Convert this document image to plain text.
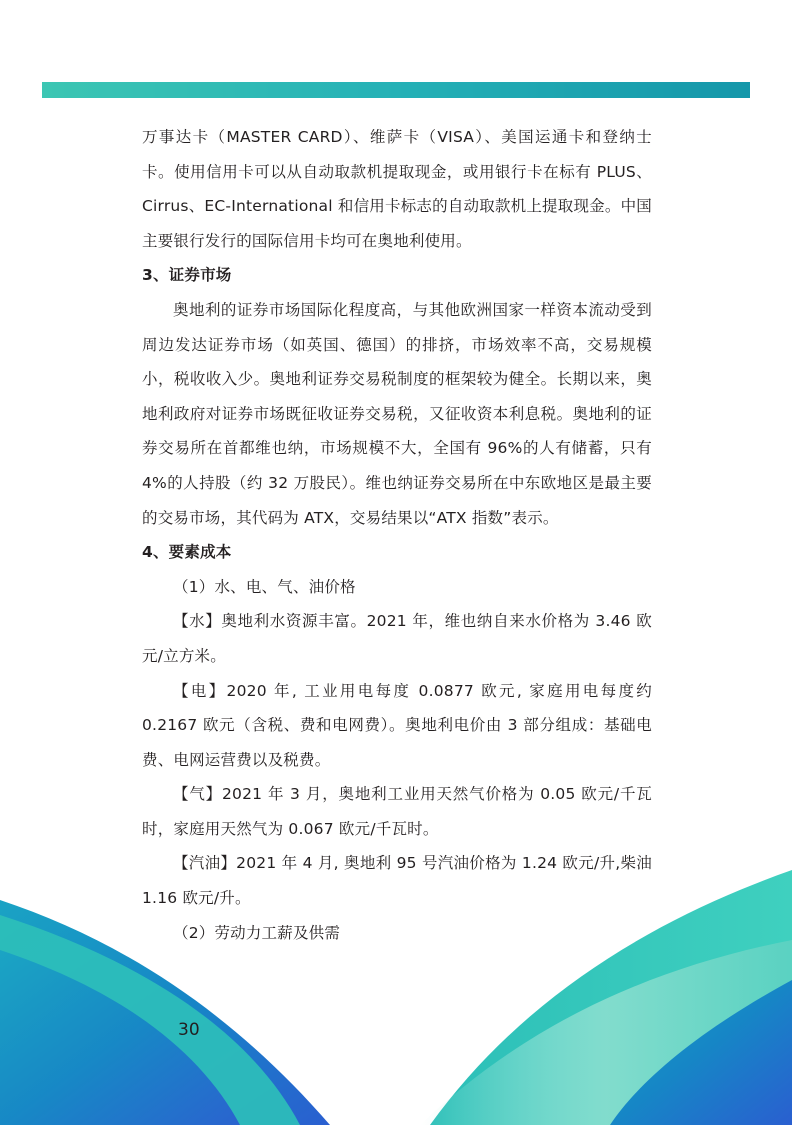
万事达卡（MASTER CARD）、维萨卡（VISA）、美国运通卡和登纳士卡。使用信用卡可以从自动取款机提取现金，或用银行卡在标有 PLUS、Cirrus、EC-International 和信用卡标志的自动取款机上提取现金。中国主要银行发行的国际信用卡均可在奥地利使用。

3、证券市场

奥地利的证券市场国际化程度高，与其他欧洲国家一样资本流动受到周边发达证券市场（如英国、德国）的排挤，市场效率不高，交易规模小，税收收入少。奥地利证券交易税制度的框架较为健全。长期以来，奥地利政府对证券市场既征收证券交易税，又征收资本利息税。奥地利的证券交易所在首都维也纳，市场规模不大，全国有 96%的人有储蓄，只有 4%的人持股（约 32 万股民）。维也纳证券交易所在中东欧地区是最主要的交易市场，其代码为 ATX，交易结果以“ATX 指数”表示。

4、要素成本

（1）水、电、气、油价格

【水】奥地利水资源丰富。2021 年，维也纳自来水价格为 3.46 欧元/立方米。

【电】2020 年, 工业用电每度 0.0877 欧元, 家庭用电每度约 0.2167 欧元（含税、费和电网费）。奥地利电价由 3 部分组成：基础电费、电网运营费以及税费。

【气】2021 年 3 月，奥地利工业用天然气价格为 0.05 欧元/千瓦时，家庭用天然气为 0.067 欧元/千瓦时。

【汽油】2021 年 4 月, 奥地利 95 号汽油价格为 1.24 欧元/升,柴油 1.16 欧元/升。

（2）劳动力工薪及供需

30
